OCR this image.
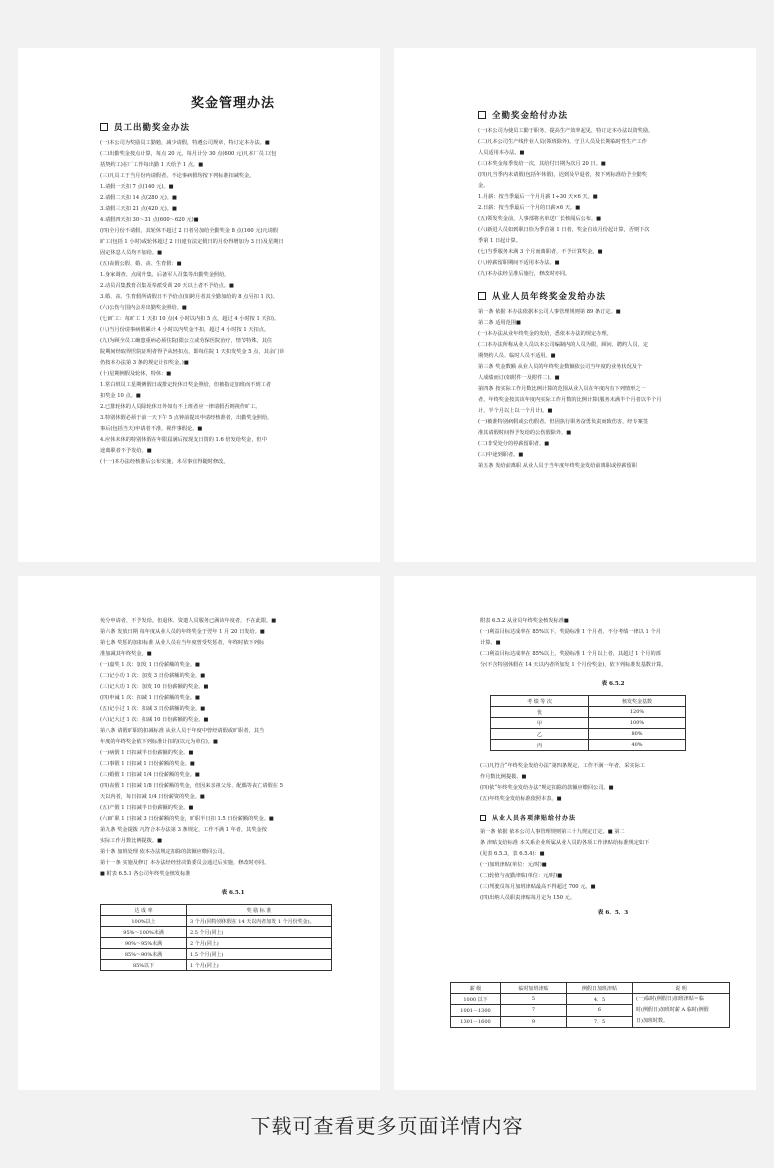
奖金管理办法
员工出勤奖金办法
(一)本公司为奖励员工勤勉，减少请假，特遵公司规章，特订定本办法。■
(二)出勤奖金按点计算，每点 20 元，每月计分 30 点(600 元)凡本厂员工(包
括契约工)在厂工作每出勤 1 天给予 1 点。■
(三)凡员工于当月份内请假者，不论事病假均按下列标准扣减奖金。
1.请假一天扣 7 点(140 元)。■
2.请假二天扣 14 点(280 元)。■
3.请假三天扣 21 点(420 元)。■
4.请假四天扣 30～31 点(600～620 元)■
(四)全月份不请假，其轮休不超过 2 日者另加给全勤奖金 8 点(160 元)凡请假
旷工(包括 1 小时)或轮休超过 2 日(違有法定假日的月份得增加为 3 日)及星期日
固定休息人员均不加给。■
(五)丧假公假、婚、丧、生育假：■
1.身家调查、点阅升集、后备军人召集等出勤奖金照给。
2.动员召集教育召集及奉派受训 20 天以上者不予给点。■
3.婚、丧、生育假所请假日不予给点(如跨月者其全勤加给的 8 点另扣 1 次)。
(六)公伤与国内会差出勤奖金照给。■
(七)旷工：每旷工 1 天扣 10 点(4 小时以内扣 5 点，超过 4 小时按 1 天扣)。
(八)当月份请事病假累计 4 小时以内奖金不扣，超过 4 小时按 1 天扣点。
(九)为顾全员工确患重病必须住院(限公立或劳保医院治疗，情节特殊，其住
院期间经取得医院证明者得予从轻扣点，即每住院 1 天扣发奖金 5 点，其余门诊
仍按本办法第 3 条的规定计扣奖金。)■
(十)星期例假及轮休，特休：■
1.常白班员工星期例假日或排定轮休日奖金照给，但被指定加班而不到工者
扣奖金 10 点。■
2.已排轮休的人员除轮休日外如有不上班者应一律请假否则视作旷工。
3.特别休假必须于前一天下午 5 点钟前提出申请经核准者，出勤奖金照给，
事后(包括当天)申请者不准，视作事假论。■
4.应休未休的特别休假在年限届满后按现支日资的 1.6 倍发给奖金，但中
途离职者不予发给。■
(十一)本办法经核准后公布实施，未尽事宜得随时修改。
全勤奖金给付办法
(一)本公司为使员工勤于职务，提高生产效率起见，特订定本办法以资奖励。
(二)凡本公司生产线作业人员(领班除外)，守卫人员及长期临时性生产工作
人员适用本办法。■
(三)本奖金每季发给一次，其给付日期为次月 20 日。■
(四)凡当季内未请假(包括年休假)，迟到及早退者，按下列标准给予全勤奖
金。
1.月薪：按当季最后一个月月薪 1÷30 天×6 天。■
2.日薪：按当季最后一个月的日薪×6 天。■
(五)领发奖金前，人事部将名单送厂长核阅后公布。■
(六)新进人员如到职日恰为季首第 1 日者，奖金自该月份起计算，否则下次
季第 1 日起计算。
(七)当季服务未满 3 个月而离职者，不予计算奖金。■
(八)停薪留职期间不适用本办法。■
(九)本办法经呈准后施行，修改时亦同。
从业人员年终奖金发给办法
第一条 依据 本办法依据本公司人事管理规则第 89 条订定。■
第二条 适用范围■
(一)本办法从业年终奖金的发给，悉依本办法的规定办理。
(二)本办法所称从业人员以本公司编制内的人员为限，顾问、聘约人员、定
期契约人员、临时人员不适用。■
第三条 奖金数额 从业人员的年终奖金数额依公司当年度的业务状况及个
人成绩而订(如附件一及附件二)。■
第四条 按实际工作月数比例计算的范围从业人员在年度内有下列情形之一
者，年终奖金按其该年度内实际工作月数的比例计算(服务未满半个月者以半个月
计，半个月以上以一个月计)。■
(一)被准特别病假或公伤假者。但因执行职务奋勇负责而致伤害，经专案签
准其请假时间得予发给的公伤假除外。■
(二)非受处分的停薪留职者。■
(三)中途到职者。■
第五条 发给前离职 从业人员于当年度年终奖金发给前离职或停薪留职
免分申请者，不予发给。但退休、资遣人员服务已满该年度者，不在此限。■
第六条 发放日期 每年度从业人员的年终奖金于翌年 1 月 20 日发给。■
第七条 奖惩的加扣标准 从业人员在当年度曾受奖惩者，年终时依下列标
准加减其年终奖金。■
(一)嘉奖 1 次：加发 1 日份薪额的奖金。■
(二)记小功 1 次：加发 3 日份薪额的奖金。■
(三)记大功 1 次：加发 10 日份薪额的奖金。■
(四)申诫 1 次：扣减 1 日份薪额的奖金。■
(五)记小过 1 次：扣减 3 日份薪额的奖金。■
(六)记大过 1 次：扣减 10 日份薪额的奖金。■
第八条 请假旷职的扣减标准 从业人员于年度中曾经请假或旷职者，其当
年度的年终奖金依下列标准计扣的(以元为单位)。■
(一)病假 1 日扣减半日份薪额的奖金。■
(二)事假 1 日扣减 1 日份薪额的奖金。■
(三)婚假 1 日扣减 1/4 日份薪额的奖金。■
(四)丧假 1 日扣减 1/8 日份薪额的奖金，但因来亲祖父母、配偶等丧亡请假在 5
天以内者，每日扣减 1/4 日份薪资的奖金。■
(五)产假 1 日扣减半日份薪额的奖金。■
(六)旷职 1 日扣减 3 日份薪额的奖金，旷职半日扣 1.5 日份薪额的奖金。■
第九条 奖金提拨 凡符合本办法第 3 条规定，工作不满 1 年者，其奖金按
实际工作月数比例提拨。■
第十条 加班处理 依本办法规定扣除的款额应缴回公司。
第十一条 实施及修订 本办法经经营决策委员会通过后实施，修改时亦同。
■ 附表 6.5.1 各公司年终奖金核发标准
表 6.5.1
达 成 率	奖 励 标 准
100%以上	3 个月(同特别休假在 14 天以内者加发 1 个月份奖金)。
95%～100%未满	2.5 个月(同上)
90%～95%未满	2 个月(同上)
85%～90%未满	1.5 个月(同上)
85%以下	1 个月(同上)
附表 6.5.2 从业员年终奖金核发标准■
(一)利益目标达成率在 85%以下，奖励标准 1 个月者，不分考绩一律以 1 个月
计算。■
(二)利益目标达成率在 85%以上，奖励标准 1 个月以上者，其超过 1 个月的部
分(不含特别休假在 14 天以内者所加发 1 个月份奖金)，依下列标准发基数计算。
表 6.5.2
考 绩 等 次	核发奖金基数
优	120%
甲	100%
乙	80%
丙	40%
(三)凡符合“年终奖金发给办法”第四条规定，工作不满一年者，采实际工
作月数比例提拨。■
(四)依“年终奖金发给办法”规定扣除的款额应缴回公司。■
(五)年终奖金发给标准依照本表。■
从业人员各项津贴给付办法
第一条 依据 依本公司人事管理规则第三十九规定订定。■ 第二
条 津贴支给标准 本关系企业所属从业人员的各项工作津贴给标准规定如下
(见表 6.5.3，表 6.5.4)：■
(一)加班津贴(单位：元/时)■
(二)轮值与夜勤津贴(单位：元/时)■
(三)驾驶员每月加班津贴最高不得超过 700 元。■
(四)出纳人员职责津贴每月定为 150 元。
表 6．5．3
薪 级	临时加班津贴	例假日加班津贴	说 明
1000 以下	5	4．5	(一)临时(例假日)加班津贴＝临
时(例假日)加班时薪 A 临时(例假
日)加班时数。

1001－1300	7	6	
1301－1600	9	7．5	
下载可查看更多页面详情内容
